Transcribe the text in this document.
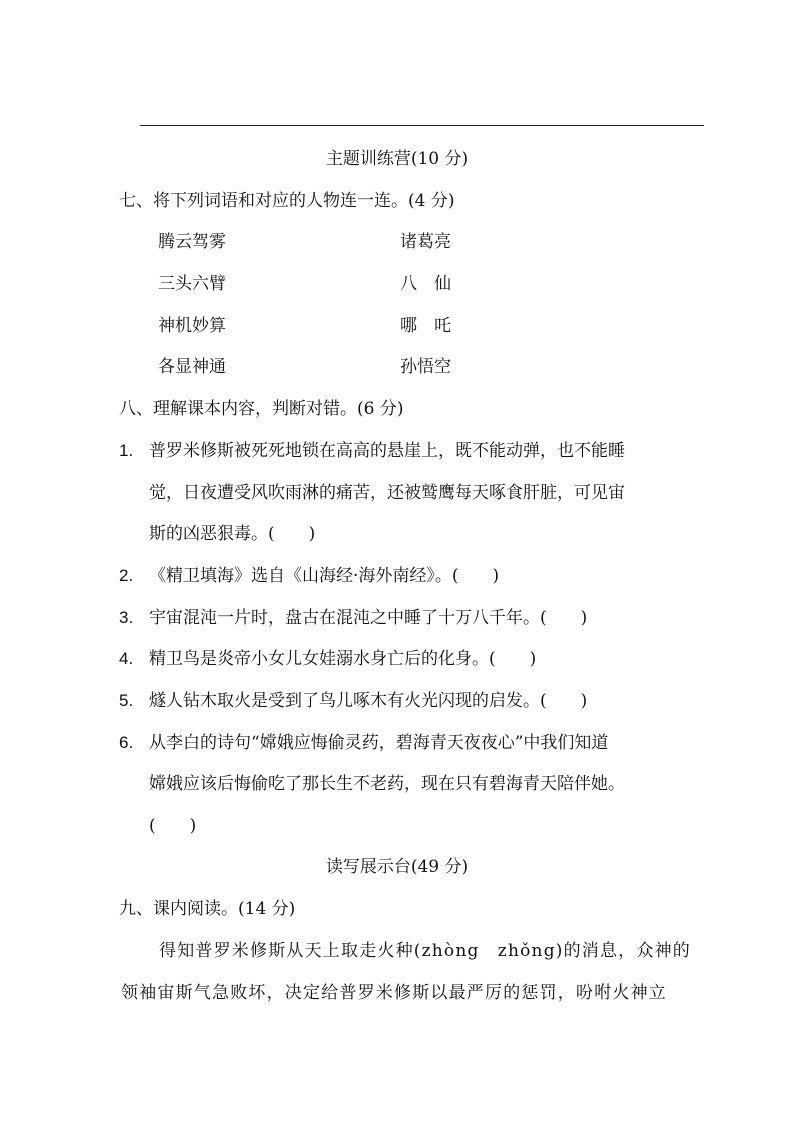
主题训练营(10 分)
七、将下列词语和对应的人物连一连。(4 分)
腾云驾雾
三头六臂
神机妙算
各显神通
诸葛亮
八　仙
哪　吒
孙悟空
八、理解课本内容，判断对错。(6 分)
1. 普罗米修斯被死死地锁在高高的悬崖上，既不能动弹，也不能睡
觉，日夜遭受风吹雨淋的痛苦，还被鹫鹰每天啄食肝脏，可见宙
斯的凶恶狠毒。(　　)
2. 《精卫填海》选自《山海经·海外南经》。(　　)
3. 宇宙混沌一片时，盘古在混沌之中睡了十万八千年。(　　)
4. 精卫鸟是炎帝小女儿女娃溺水身亡后的化身。(　　)
5. 燧人钻木取火是受到了鸟儿啄木有火光闪现的启发。(　　)
6. 从李白的诗句“嫦娥应悔偷灵药，碧海青天夜夜心”中我们知道
嫦娥应该后悔偷吃了那长生不老药，现在只有碧海青天陪伴她。
(　　)
读写展示台(49 分)
九、课内阅读。(14 分)
得知普罗米修斯从天上取走火种(zhòng　zhǒng)的消息，众神的
领袖宙斯气急败坏，决定给普罗米修斯以最严厉的惩罚，吩咐火神立
